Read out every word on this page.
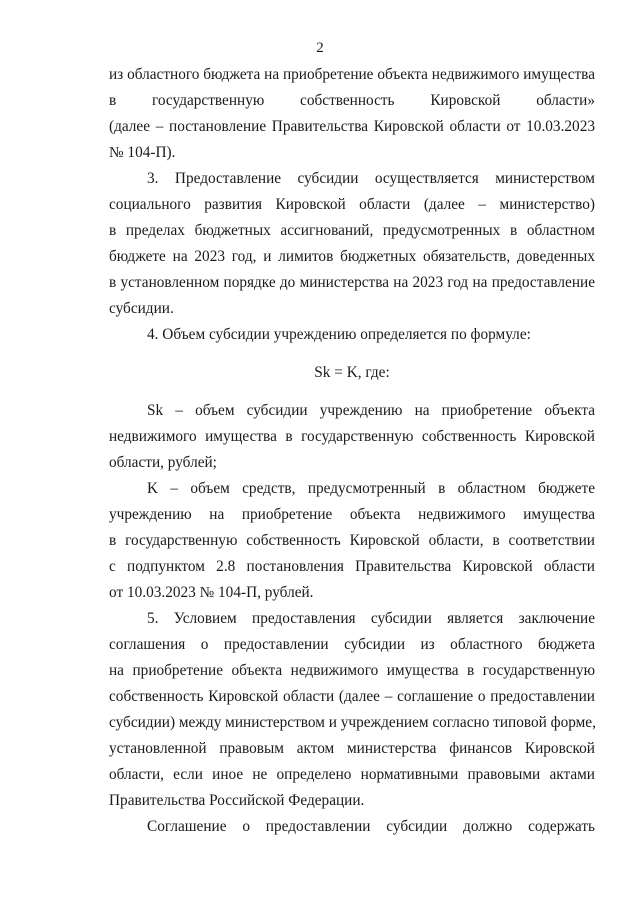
2
из областного бюджета на приобретение объекта недвижимого имущества
в государственную собственность Кировской области»
(далее – постановление Правительства Кировской области от 10.03.2023
№ 104-П).
3. Предоставление субсидии осуществляется министерством
социального развития Кировской области (далее – министерство)
в пределах бюджетных ассигнований, предусмотренных в областном
бюджете на 2023 год, и лимитов бюджетных обязательств, доведенных
в установленном порядке до министерства на 2023 год на предоставление
субсидии.
4. Объем субсидии учреждению определяется по формуле:
Sk = K, где:
Sk – объем субсидии учреждению на приобретение объекта
недвижимого имущества в государственную собственность Кировской
области, рублей;
K – объем средств, предусмотренный в областном бюджете
учреждению на приобретение объекта недвижимого имущества
в государственную собственность Кировской области, в соответствии
с подпунктом 2.8 постановления Правительства Кировской области
от 10.03.2023 № 104-П, рублей.
5. Условием предоставления субсидии является заключение
соглашения о предоставлении субсидии из областного бюджета
на приобретение объекта недвижимого имущества в государственную
собственность Кировской области (далее – соглашение о предоставлении
субсидии) между министерством и учреждением согласно типовой форме,
установленной правовым актом министерства финансов Кировской
области, если иное не определено нормативными правовыми актами
Правительства Российской Федерации.
Соглашение о предоставлении субсидии должно содержать
